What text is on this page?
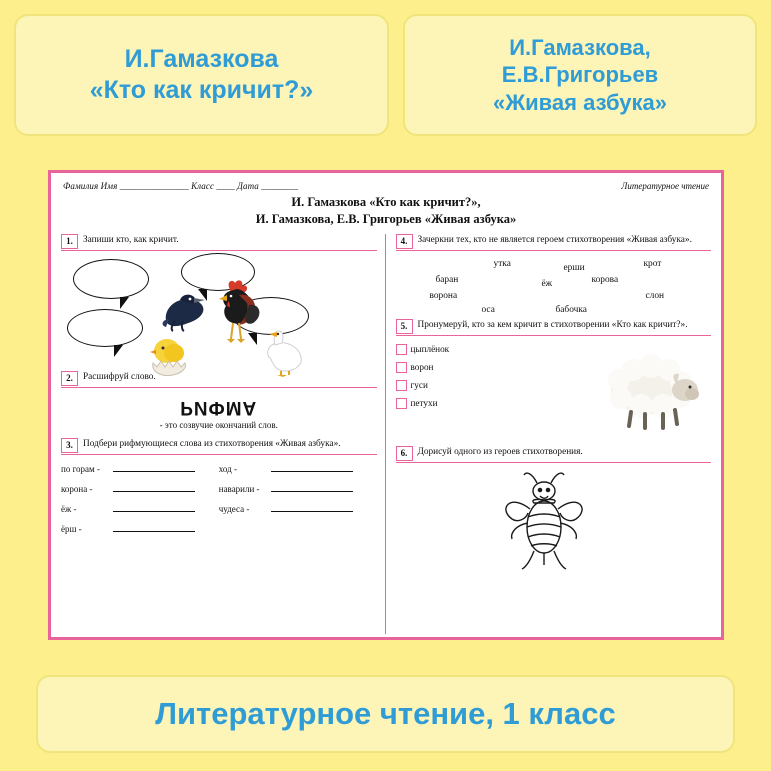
И.Гамазкова
«Кто как кричит?»
И.Гамазкова,
Е.В.Григорьев
«Живая азбука»
Фамилия Имя _______________ Класс ____ Дата ________	Литературное чтение
И. Гамазкова «Кто как кричит?»,
И. Гамазкова, Е.В. Григорьев «Живая азбука»
1.	Запиши кто, как кричит.
2.	Расшифруй слово.
РИФМА
- это созвучие окончаний слов.
3.	Подбери рифмующиеся слова из стихотворения «Живая азбука».
по горам -
корона -
ёж -
ёрш -
ход -
наварили -
чудеса -
4.	Зачеркни тех, кто не является героем стихотворения «Живая азбука».
утка	ерши	крот
баран	ёж	корова
ворона	слон
оса	бабочка
5.	Пронумеруй, кто за кем кричит в стихотворении «Кто как кричит?».
цыплёнок
ворон
гуси
петухи
6.	Дорисуй одного из героев стихотворения.
Литературное чтение, 1 класс
